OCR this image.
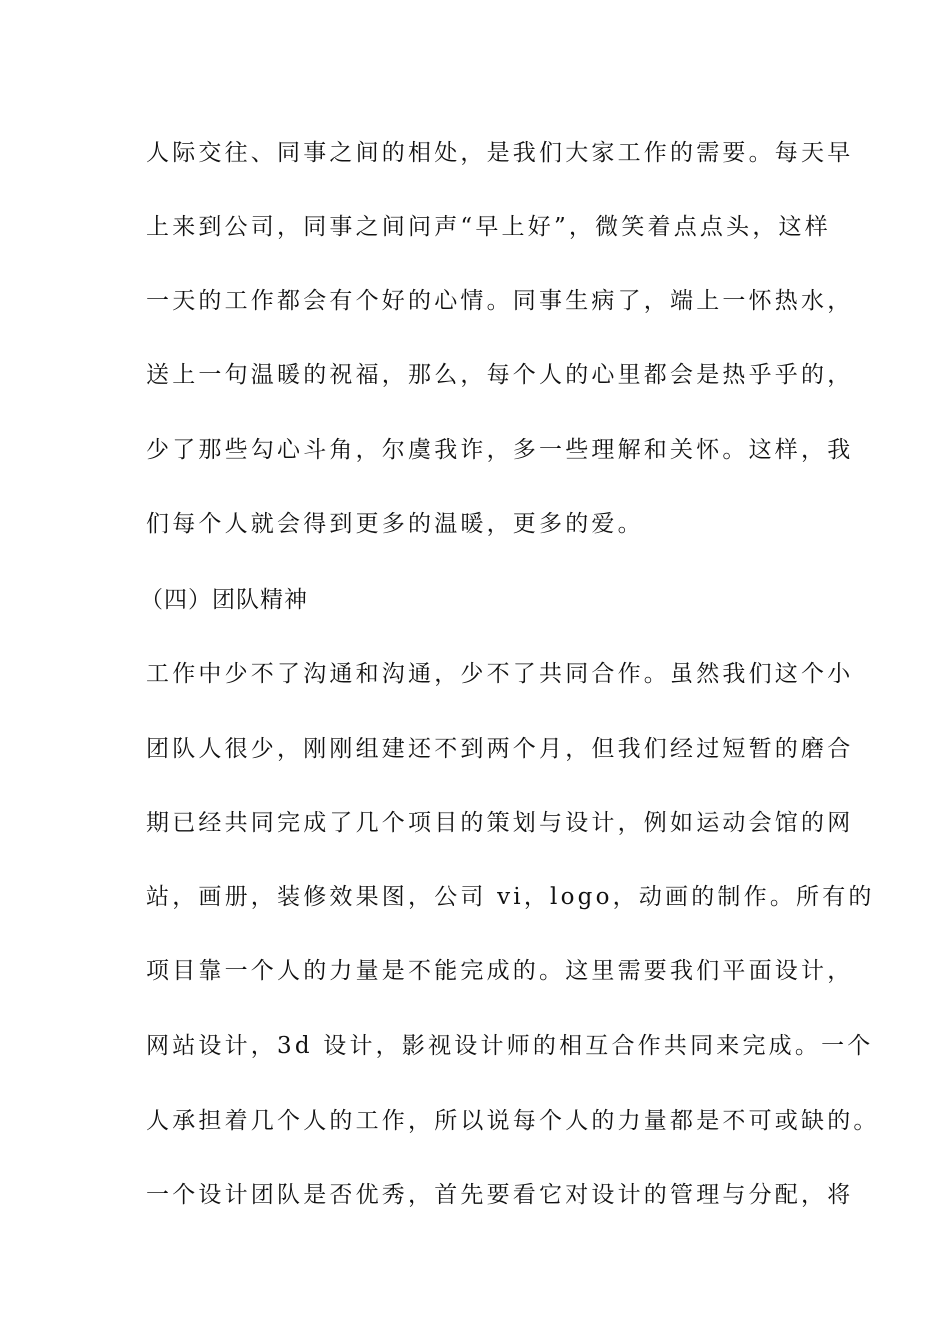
人际交往、同事之间的相处，是我们大家工作的需要。每天早
上来到公司，同事之间问声“早上好”，微笑着点点头，这样
一天的工作都会有个好的心情。同事生病了，端上一怀热水，
送上一句温暖的祝福，那么，每个人的心里都会是热乎乎的，
少了那些勾心斗角，尔虞我诈，多一些理解和关怀。这样，我
们每个人就会得到更多的温暖，更多的爱。
（四）团队精神
工作中少不了沟通和沟通，少不了共同合作。虽然我们这个小
团队人很少，刚刚组建还不到两个月，但我们经过短暂的磨合
期已经共同完成了几个项目的策划与设计，例如运动会馆的网
站，画册，装修效果图，公司 vi，logo，动画的制作。所有的
项目靠一个人的力量是不能完成的。这里需要我们平面设计，
网站设计，3d 设计，影视设计师的相互合作共同来完成。一个
人承担着几个人的工作，所以说每个人的力量都是不可或缺的。
一个设计团队是否优秀，首先要看它对设计的管理与分配，将
